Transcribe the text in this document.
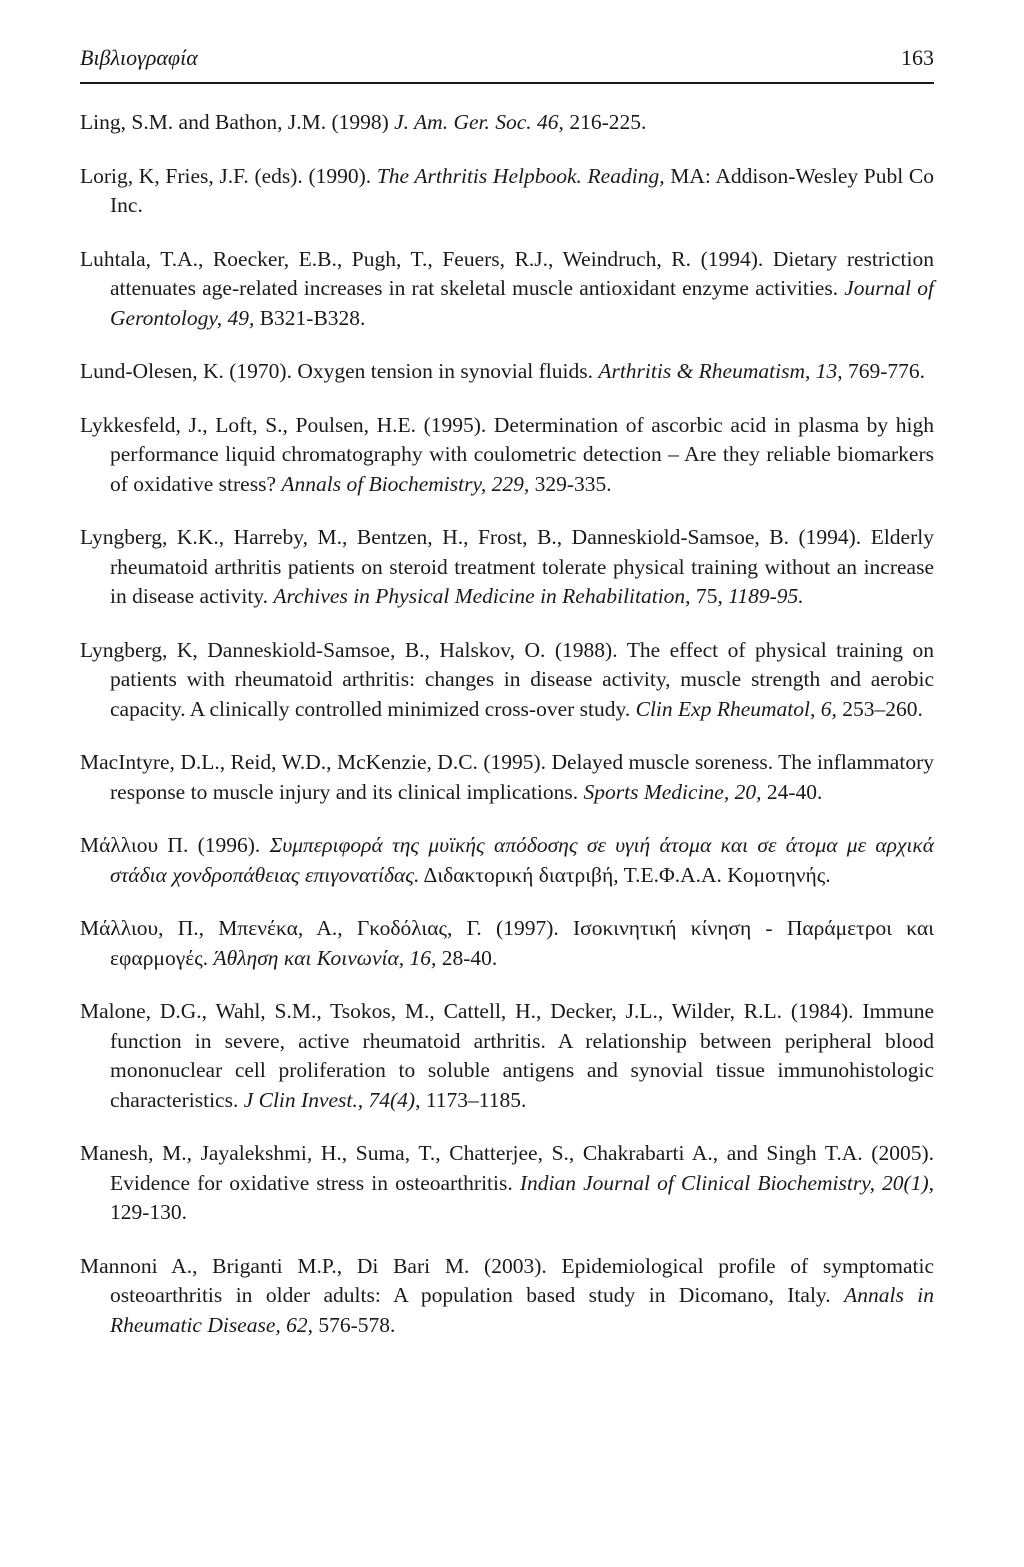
Βιβλιογραφία	163

Ling, S.M. and Bathon, J.M. (1998) J. Am. Ger. Soc. 46, 216-225.

Lorig, K, Fries, J.F. (eds). (1990). The Arthritis Helpbook. Reading, MA: Addison-Wesley Publ Co Inc.

Luhtala, T.A., Roecker, E.B., Pugh, T., Feuers, R.J., Weindruch, R. (1994). Dietary restriction attenuates age-related increases in rat skeletal muscle antioxidant enzyme activities. Journal of Gerontology, 49, B321-B328.

Lund-Olesen, K. (1970). Oxygen tension in synovial fluids. Arthritis & Rheumatism, 13, 769-776.

Lykkesfeld, J., Loft, S., Poulsen, H.E. (1995). Determination of ascorbic acid in plasma by high performance liquid chromatography with coulometric detection – Are they reliable biomarkers of oxidative stress? Annals of Biochemistry, 229, 329-335.

Lyngberg, K.K., Harreby, M., Bentzen, H., Frost, B., Danneskiold-Samsoe, B. (1994). Elderly rheumatoid arthritis patients on steroid treatment tolerate physical training without an increase in disease activity. Archives in Physical Medicine in Rehabilitation, 75, 1189-95.

Lyngberg, K, Danneskiold-Samsoe, B., Halskov, O. (1988). The effect of physical training on patients with rheumatoid arthritis: changes in disease activity, muscle strength and aerobic capacity. A clinically controlled minimized cross-over study. Clin Exp Rheumatol, 6, 253–260.

MacIntyre, D.L., Reid, W.D., McKenzie, D.C. (1995). Delayed muscle soreness. The inflammatory response to muscle injury and its clinical implications. Sports Medicine, 20, 24-40.

Μάλλιου Π. (1996). Συμπεριφορά της μυϊκής απόδοσης σε υγιή άτομα και σε άτομα με αρχικά στάδια χονδροπάθειας επιγονατίδας. Διδακτορική διατριβή, Τ.Ε.Φ.Α.Α. Κομοτηνής.

Μάλλιου, Π., Μπενέκα, Α., Γκοδόλιας, Γ. (1997). Ισοκινητική κίνηση - Παράμετροι και εφαρμογές. Άθληση και Κοινωνία, 16, 28-40.

Malone, D.G., Wahl, S.M., Tsokos, M., Cattell, H., Decker, J.L., Wilder, R.L. (1984). Immune function in severe, active rheumatoid arthritis. A relationship between peripheral blood mononuclear cell proliferation to soluble antigens and synovial tissue immunohistologic characteristics. J Clin Invest., 74(4), 1173–1185.

Manesh, M., Jayalekshmi, H., Suma, T., Chatterjee, S., Chakrabarti A., and Singh T.A. (2005). Evidence for oxidative stress in osteoarthritis. Indian Journal of Clinical Biochemistry, 20(1), 129-130.

Mannoni A., Briganti M.P., Di Bari M. (2003). Epidemiological profile of symptomatic osteoarthritis in older adults: A population based study in Dicomano, Italy. Annals in Rheumatic Disease, 62, 576-578.
